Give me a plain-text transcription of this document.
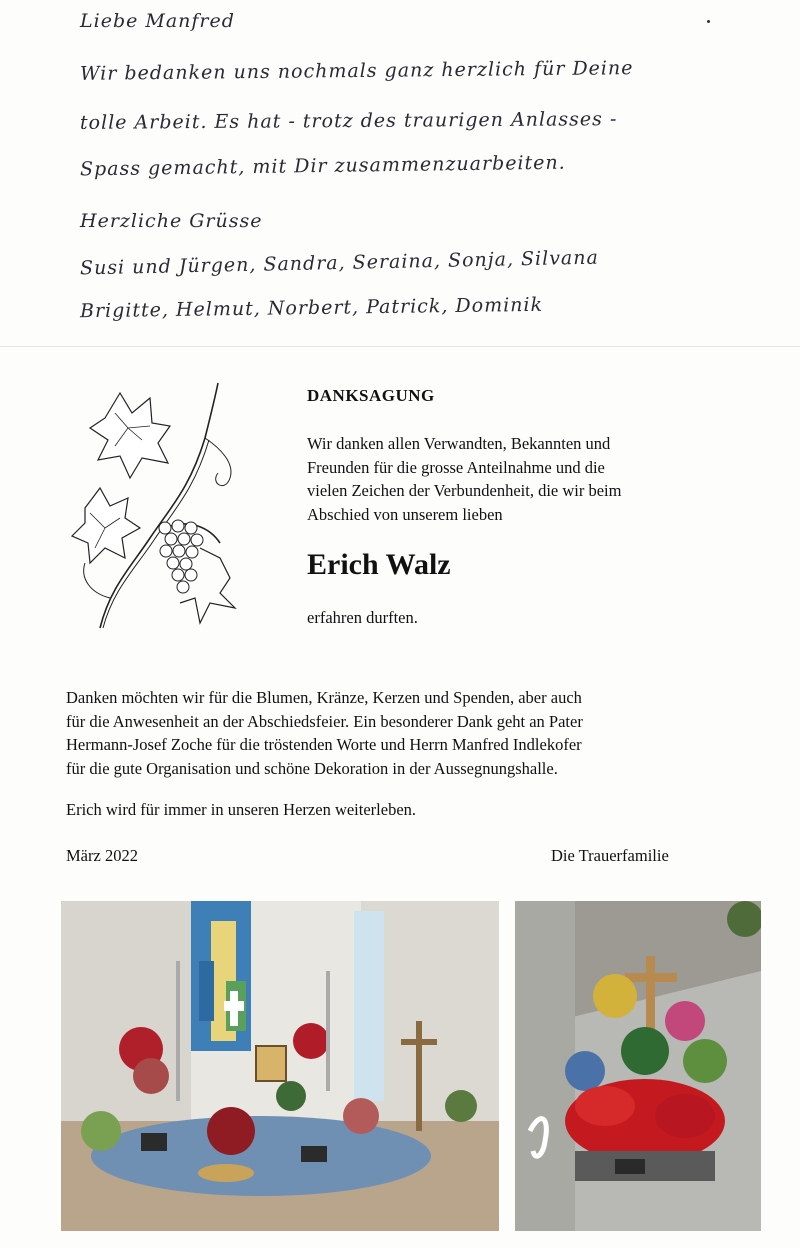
Liebe Manfred
Wir bedanken uns nochmals ganz herzlich für Deine
tolle Arbeit. Es hat - trotz des traurigen Anlasses -
Spass gemacht, mit Dir zusammenzuarbeiten.
Herzliche Grüsse
Susi und Jürgen, Sandra, Seraina, Sonja, Silvana
Brigitte, Helmut, Norbert, Patrick, Dominik
DANKSAGUNG
Wir danken allen Verwandten, Bekannten und
Freunden für die grosse Anteilnahme und die
vielen Zeichen der Verbundenheit, die wir beim
Abschied von unserem lieben
Erich Walz
erfahren durften.
Danken möchten wir für die Blumen, Kränze, Kerzen und Spenden, aber auch
für die Anwesenheit an der Abschiedsfeier. Ein besonderer Dank geht an Pater
Hermann-Josef Zoche für die tröstenden Worte und Herrn Manfred Indlekofer
für die gute Organisation und schöne Dekoration in der Aussegnungshalle.
Erich wird für immer in unseren Herzen weiterleben.
März 2022	Die Trauerfamilie
